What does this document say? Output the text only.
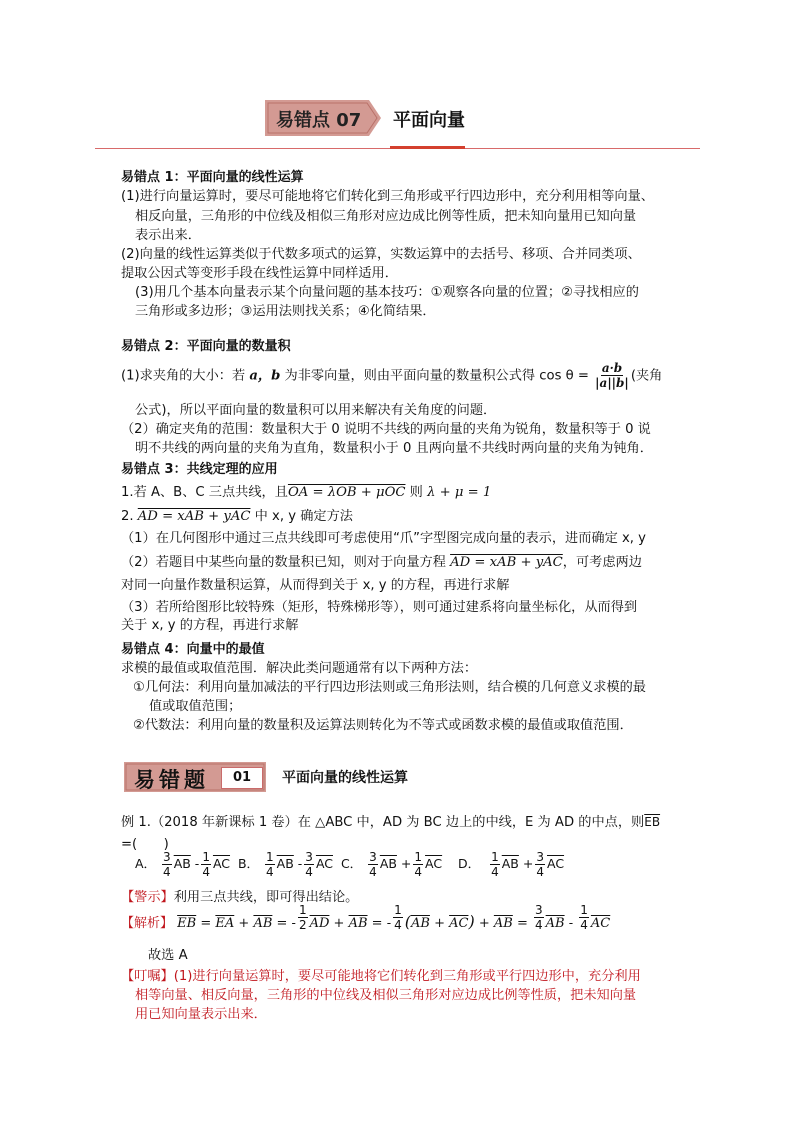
易错点 07 平面向量
易错点 1：平面向量的线性运算
(1)进行向量运算时，要尽可能地将它们转化到三角形或平行四边形中，充分利用相等向量、
相反向量，三角形的中位线及相似三角形对应边成比例等性质，把未知向量用已知向量
表示出来．
(2)向量的线性运算类似于代数多项式的运算，实数运算中的去括号、移项、合并同类项、
提取公因式等变形手段在线性运算中同样适用．
(3)用几个基本向量表示某个向量问题的基本技巧：①观察各向量的位置；②寻找相应的
三角形或多边形；③运用法则找关系；④化简结果．
易错点 2：平面向量的数量积
(1)求夹角的大小：若 a，b 为非零向量，则由平面向量的数量积公式得 $\cos \theta = \frac{a\cdot b}{|a||b|}$ (夹角
公式)，所以平面向量的数量积可以用来解决有关角度的问题．
（2）确定夹角的范围：数量积大于 0 说明不共线的两向量的夹角为锐角，数量积等于 0 说
明不共线的两向量的夹角为直角，数量积小于 0 且两向量不共线时两向量的夹角为钝角．
易错点 3：共线定理的应用
1.若 A、B、C 三点共线，且OA = λOB + μOC 则 λ + μ = 1
2. AD = xAB + yAC 中 x, y 确定方法
（1）在几何图形中通过三点共线即可考虑使用“爪”字型图完成向量的表示，进而确定 x, y
（2）若题目中某些向量的数量积已知，则对于向量方程 AD = xAB + yAC，可考虑两边
对同一向量作数量积运算，从而得到关于 x, y 的方程，再进行求解
（3）若所给图形比较特殊（矩形，特殊梯形等），则可通过建系将向量坐标化，从而得到
关于 x, y 的方程，再进行求解
易错点 4：向量中的最值
求模的最值或取值范围．解决此类问题通常有以下两种方法：
①几何法：利用向量加减法的平行四边形法则或三角形法则，结合模的几何意义求模的最
值或取值范围；
②代数法：利用向量的数量积及运算法则转化为不等式或函数求模的最值或取值范围．
易错题	01	平面向量的线性运算
例 1.（2018 年新课标 1 卷）在 △ABC 中，AD 为 BC 边上的中线，E 为 AD 的中点，则$\overline{EB}$
=(　　)
A． $\frac{3}{4} \overline{AB} - \frac{1}{4} \overline{AC}$ B． $\frac{1}{4} \overline{AB} - \frac{3}{4} \overline{AC}$ C． $\frac{3}{4} \overline{AB} + \frac{1}{4} \overline{AC}$ D． $\frac{1}{4} \overline{AB} + \frac{3}{4} \overline{AC}$
【警示】利用三点共线，即可得出结论。
【解析】 $\overline{EB} = \overline{EA} + \overline{AB}$ = - $\frac{1}{2} \overline{AD} + \overline{AB}$ = - $\frac{1}{4} (\overline{AB} + \overline{AC}) + \overline{AB} = \frac{3}{4} \overline{AB} - \frac{1}{4} \overline{AC}$
故选 A
【叮嘱】(1)进行向量运算时，要尽可能地将它们转化到三角形或平行四边形中，充分利用
相等向量、相反向量，三角形的中位线及相似三角形对应边成比例等性质，把未知向量
用已知向量表示出来．
